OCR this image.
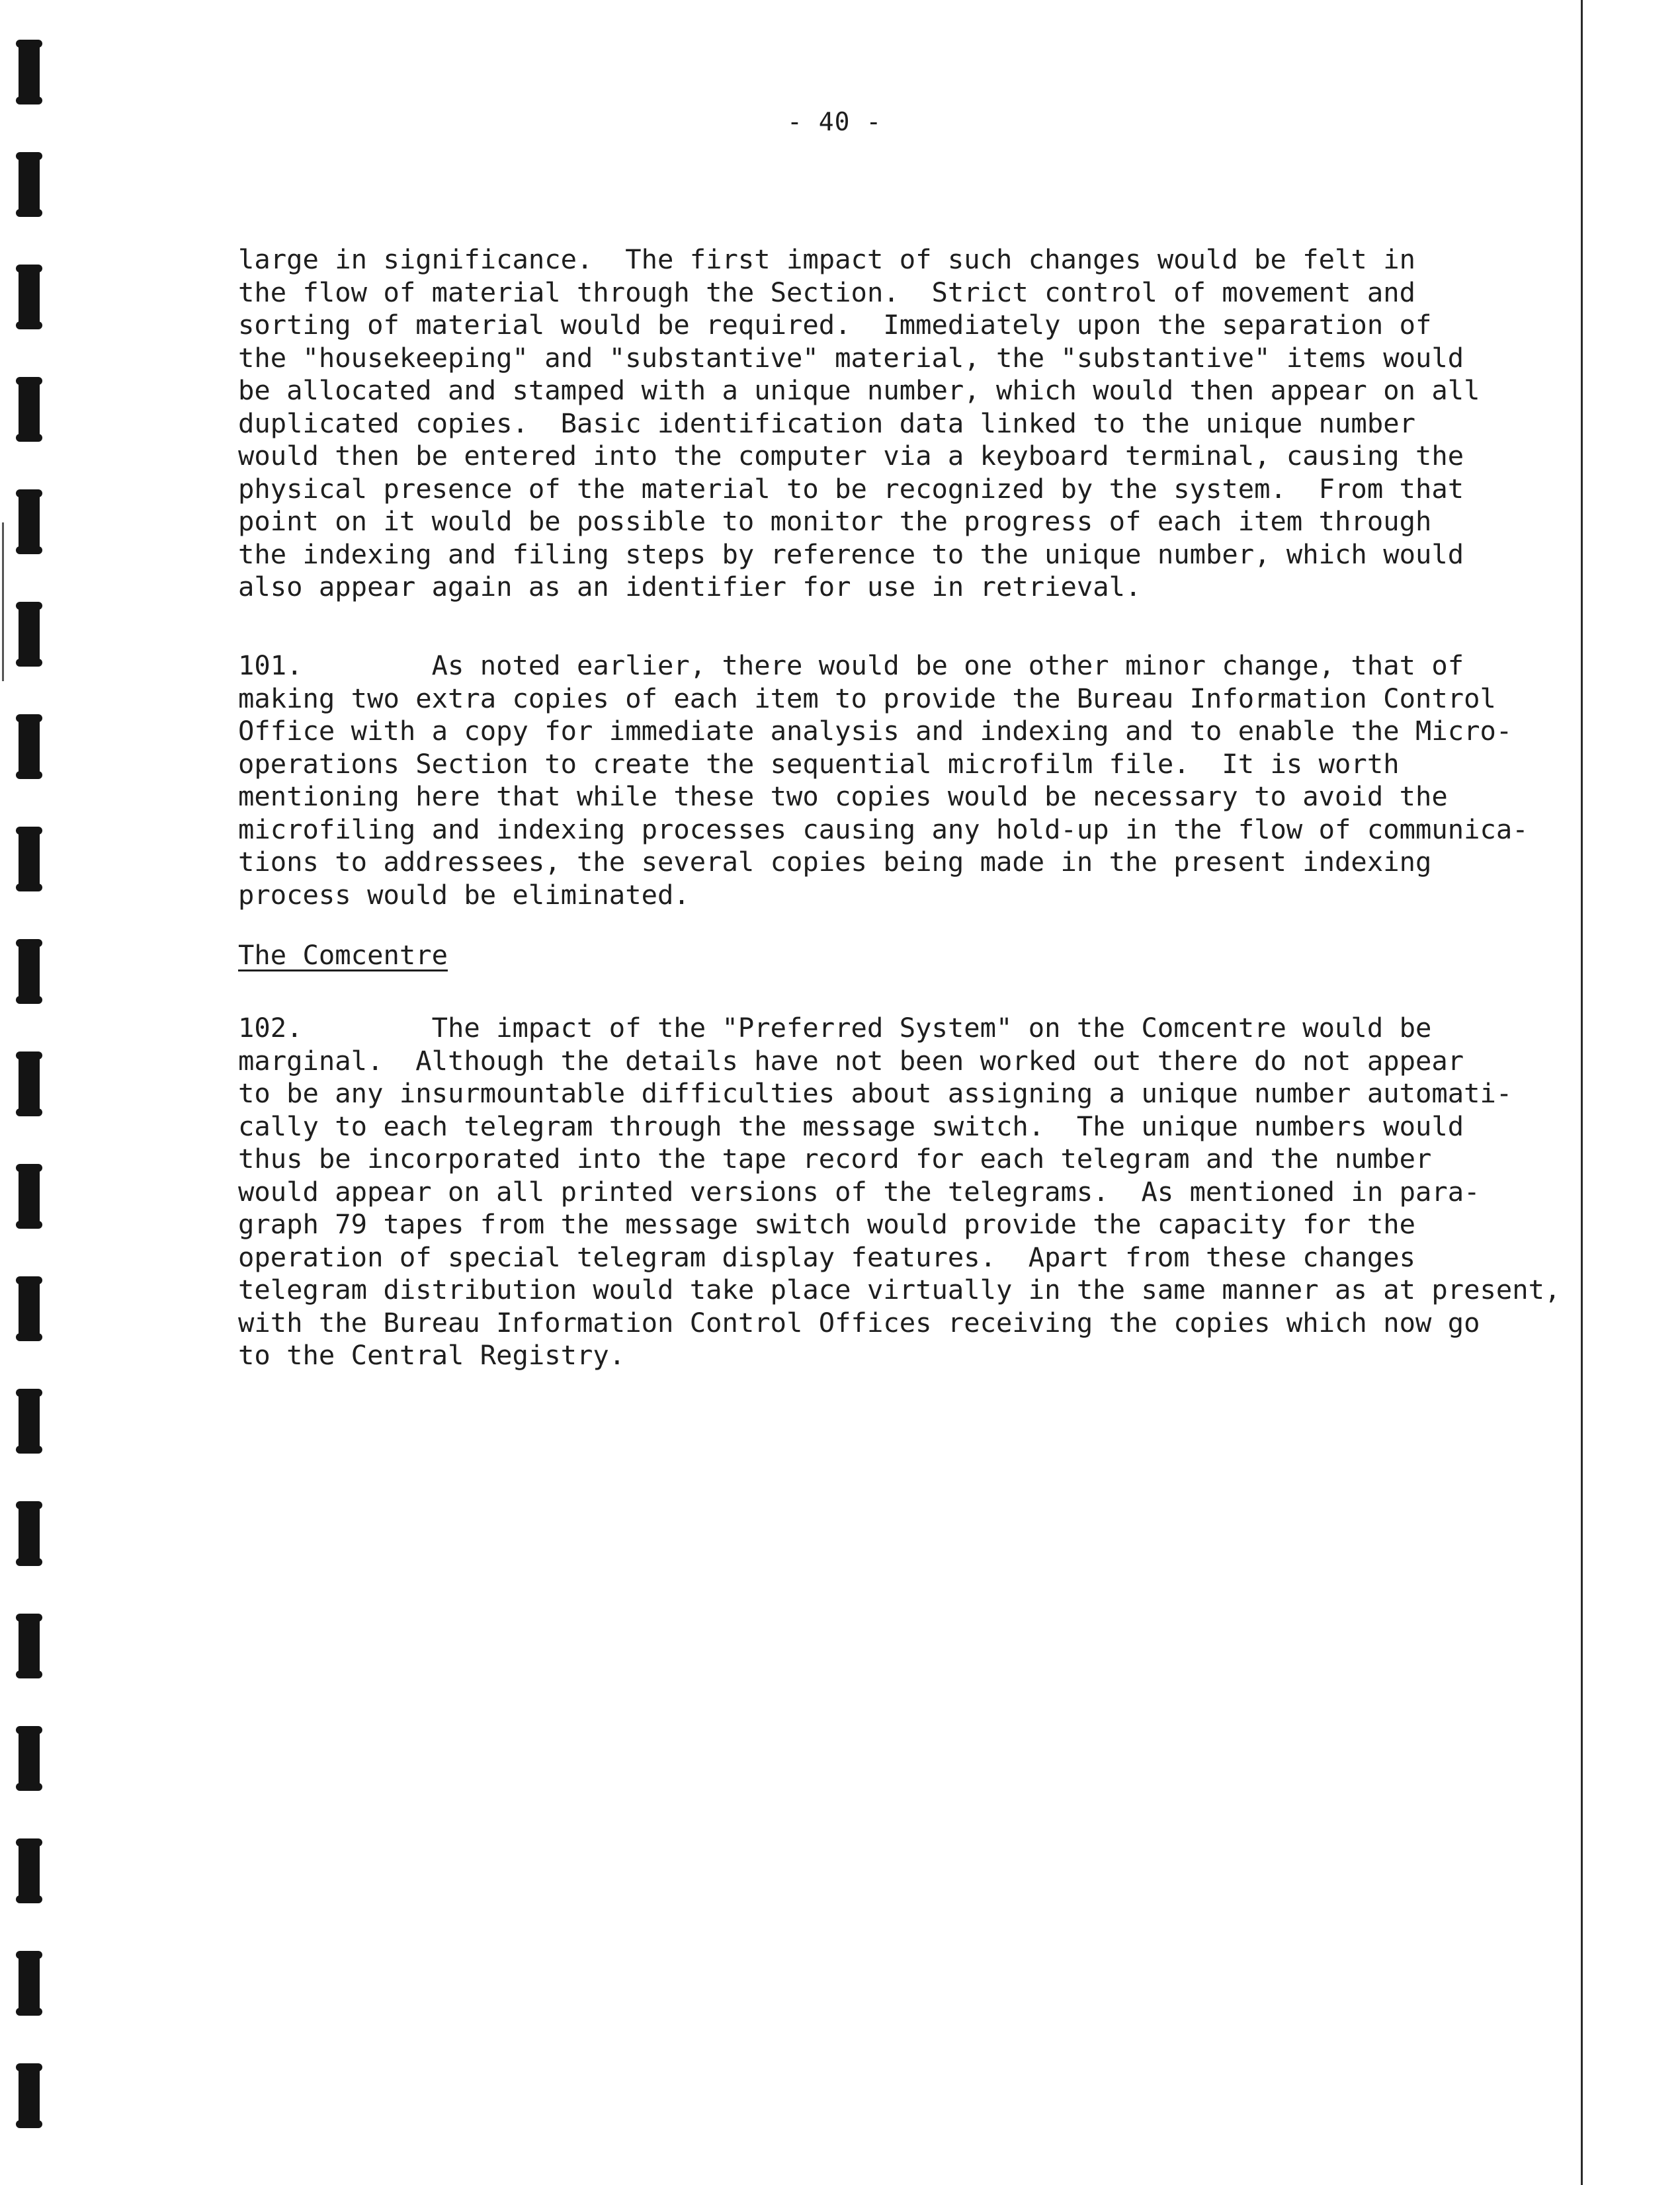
- 40 -

large in significance.  The first impact of such changes would be felt in
the flow of material through the Section.  Strict control of movement and
sorting of material would be required.  Immediately upon the separation of
the "housekeeping" and "substantive" material, the "substantive" items would
be allocated and stamped with a unique number, which would then appear on all
duplicated copies.  Basic identification data linked to the unique number
would then be entered into the computer via a keyboard terminal, causing the
physical presence of the material to be recognized by the system.  From that
point on it would be possible to monitor the progress of each item through
the indexing and filing steps by reference to the unique number, which would
also appear again as an identifier for use in retrieval.

101.        As noted earlier, there would be one other minor change, that of
making two extra copies of each item to provide the Bureau Information Control
Office with a copy for immediate analysis and indexing and to enable the Micro-
operations Section to create the sequential microfilm file.  It is worth
mentioning here that while these two copies would be necessary to avoid the
microfiling and indexing processes causing any hold-up in the flow of communica-
tions to addressees, the several copies being made in the present indexing
process would be eliminated.

The Comcentre

102.        The impact of the "Preferred System" on the Comcentre would be
marginal.  Although the details have not been worked out there do not appear
to be any insurmountable difficulties about assigning a unique number automati-
cally to each telegram through the message switch.  The unique numbers would
thus be incorporated into the tape record for each telegram and the number
would appear on all printed versions of the telegrams.  As mentioned in para-
graph 79 tapes from the message switch would provide the capacity for the
operation of special telegram display features.  Apart from these changes
telegram distribution would take place virtually in the same manner as at present,
with the Bureau Information Control Offices receiving the copies which now go
to the Central Registry.
